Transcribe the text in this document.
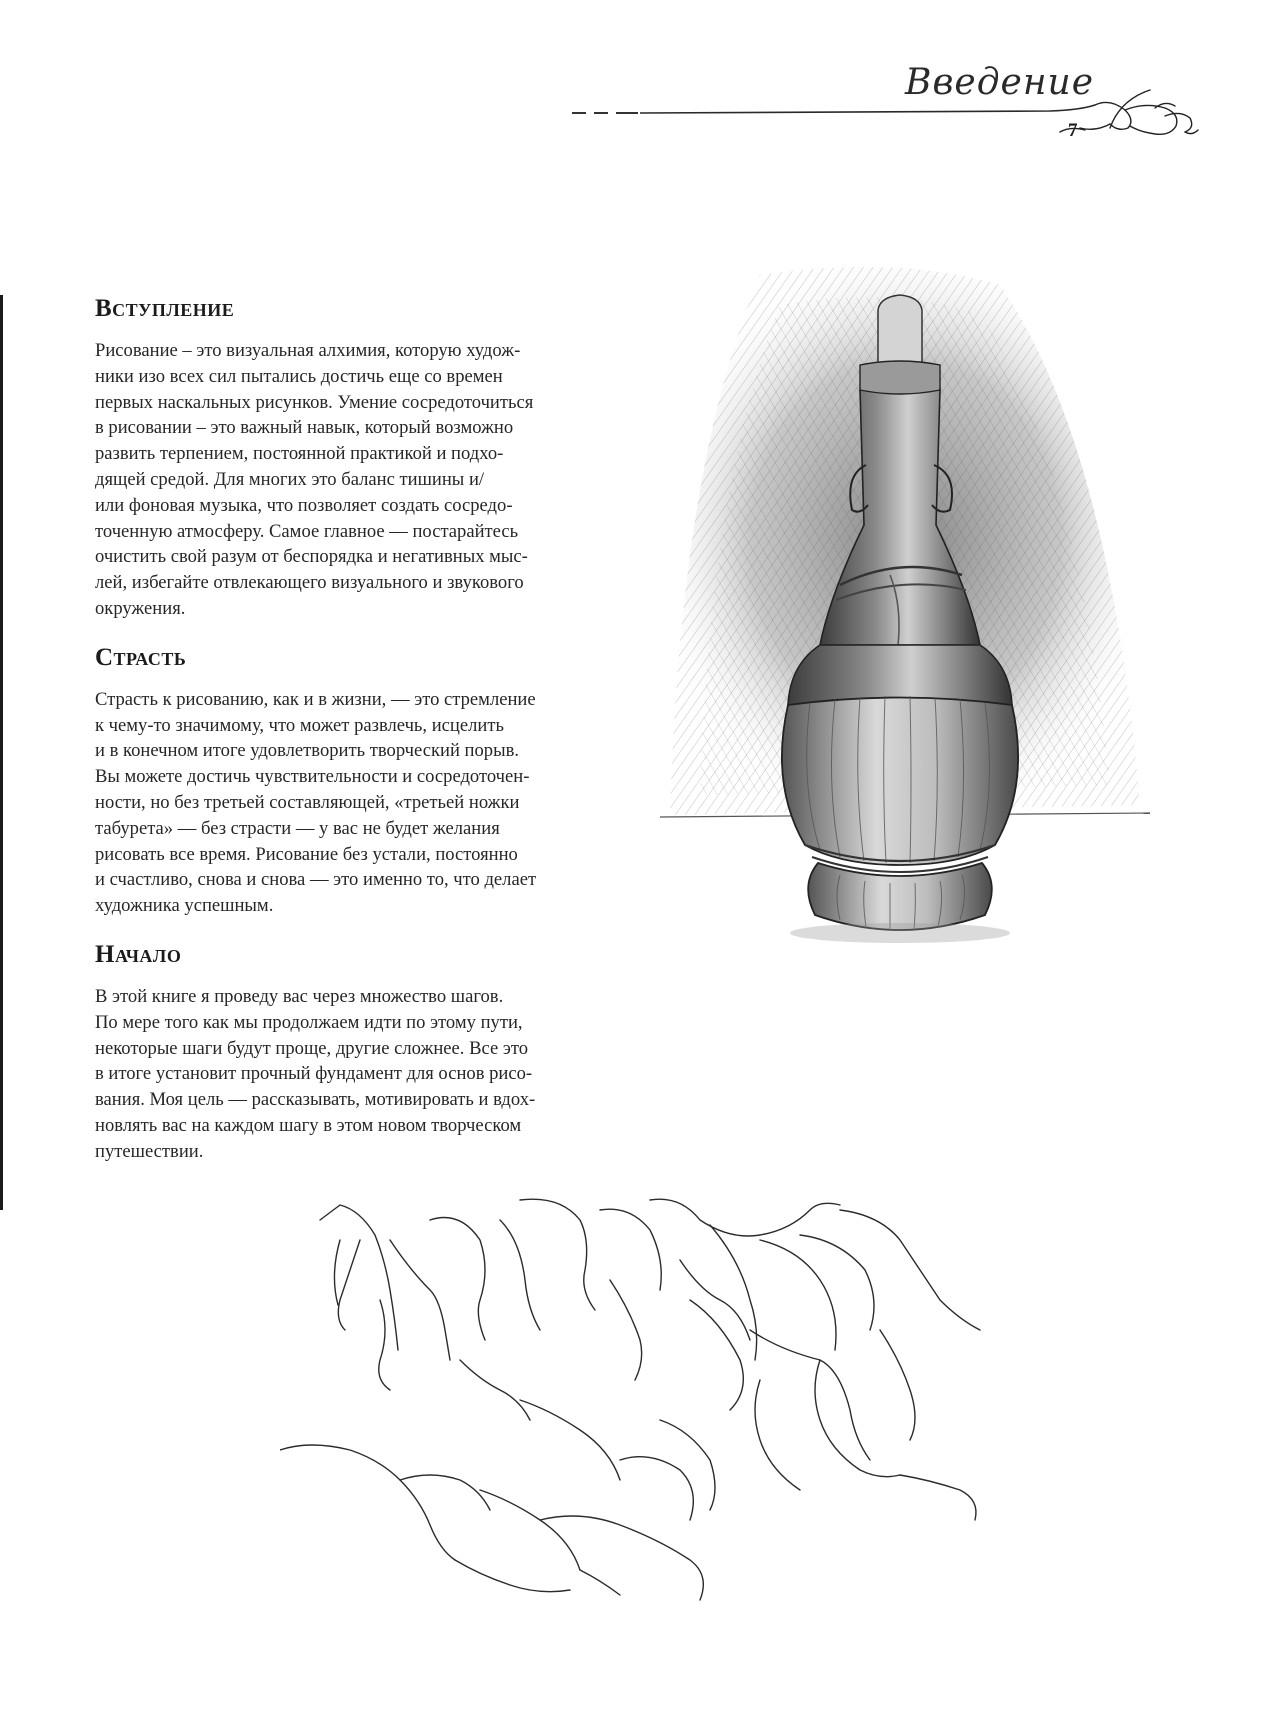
Введение
7
Вступление

Рисование – это визуальная алхимия, которую худож-
ники изо всех сил пытались достичь еще со времен
первых наскальных рисунков. Умение сосредоточиться
в рисовании – это важный навык, который возможно
развить терпением, постоянной практикой и подхо-
дящей средой. Для многих это баланс тишины и/
или фоновая музыка, что позволяет создать сосредо-
точенную атмосферу. Самое главное — постарайтесь
очистить свой разум от беспорядка и негативных мыс-
лей, избегайте отвлекающего визуального и звукового
окружения.

Страсть

Страсть к рисованию, как и в жизни, — это стремление
к чему-то значимому, что может развлечь, исцелить
и в конечном итоге удовлетворить творческий порыв.
Вы можете достичь чувствительности и сосредоточен-
ности, но без третьей составляющей, «третьей ножки
табурета» — без страсти — у вас не будет желания
рисовать все время. Рисование без устали, постоянно
и счастливо, снова и снова — это именно то, что делает
художника успешным.

Начало

В этой книге я проведу вас через множество шагов.
По мере того как мы продолжаем идти по этому пути,
некоторые шаги будут проще, другие сложнее. Все это
в итоге установит прочный фундамент для основ рисо-
вания. Моя цель — рассказывать, мотивировать и вдох-
новлять вас на каждом шагу в этом новом творческом
путешествии.
